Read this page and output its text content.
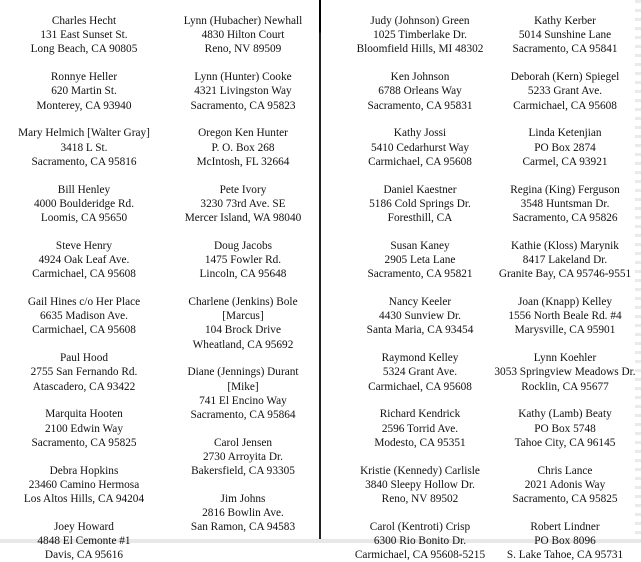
Charles Hecht
131 East Sunset St.
Long Beach, CA 90805
Ronnye Heller
620 Martin St.
Monterey, CA 93940
Mary Helmich [Walter Gray]
3418 L St.
Sacramento, CA 95816
Bill Henley
4000 Boulderidge Rd.
Loomis, CA 95650
Steve Henry
4924 Oak Leaf Ave.
Carmichael, CA 95608
Gail Hines c/o Her Place
6635 Madison Ave.
Carmichael, CA 95608
Paul Hood
2755 San Fernando Rd.
Atascadero, CA 93422
Marquita Hooten
2100 Edwin Way
Sacramento, CA 95825
Debra Hopkins
23460 Camino Hermosa
Los Altos Hills, CA 94204
Joey Howard
4848 El Cemonte #1
Davis, CA 95616
Lynn (Hubacher) Newhall
4830 Hilton Court
Reno, NV 89509
Lynn (Hunter) Cooke
4321 Livingston Way
Sacramento, CA 95823
Oregon Ken Hunter
P. O. Box 268
McIntosh, FL 32664
Pete Ivory
3230 73rd Ave. SE
Mercer Island, WA 98040
Doug Jacobs
1475 Fowler Rd.
Lincoln, CA 95648
Charlene (Jenkins) Bole
[Marcus]
104 Brock Drive
Wheatland, CA 95692
Diane (Jennings) Durant
[Mike]
741 El Encino Way
Sacramento, CA 95864
Carol Jensen
2730 Arroyita Dr.
Bakersfield, CA 93305
Jim Johns
2816 Bowlin Ave.
San Ramon, CA 94583
Judy (Johnson) Green
1025 Timberlake Dr.
Bloomfield Hills, MI 48302
Ken Johnson
6788 Orleans Way
Sacramento, CA 95831
Kathy Jossi
5410 Cedarhurst Way
Carmichael, CA 95608
Daniel Kaestner
5186 Cold Springs Dr.
Foresthill, CA
Susan Kaney
2905 Leta Lane
Sacramento, CA 95821
Nancy Keeler
4430 Sunview Dr.
Santa Maria, CA 93454
Raymond Kelley
5324 Grant Ave.
Carmichael, CA 95608
Richard Kendrick
2596 Torrid Ave.
Modesto, CA 95351
Kristie (Kennedy) Carlisle
3840 Sleepy Hollow Dr.
Reno, NV 89502
Carol (Kentroti) Crisp
6300 Rio Bonito Dr.
Carmichael, CA 95608-5215
Kathy Kerber
5014 Sunshine Lane
Sacramento, CA 95841
Deborah (Kern) Spiegel
5233 Grant Ave.
Carmichael, CA 95608
Linda Ketenjian
PO Box 2874
Carmel, CA 93921
Regina (King) Ferguson
3548 Huntsman Dr.
Sacramento, CA 95826
Kathie (Kloss) Marynik
8417 Lakeland Dr.
Granite Bay, CA 95746-9551
Joan (Knapp) Kelley
1556 North Beale Rd. #4
Marysville, CA 95901
Lynn Koehler
3053 Springview Meadows Dr.
Rocklin, CA 95677
Kathy (Lamb) Beaty
PO Box 5748
Tahoe City, CA 96145
Chris Lance
2021 Adonis Way
Sacramento, CA 95825
Robert Lindner
PO Box 8096
S. Lake Tahoe, CA 95731
